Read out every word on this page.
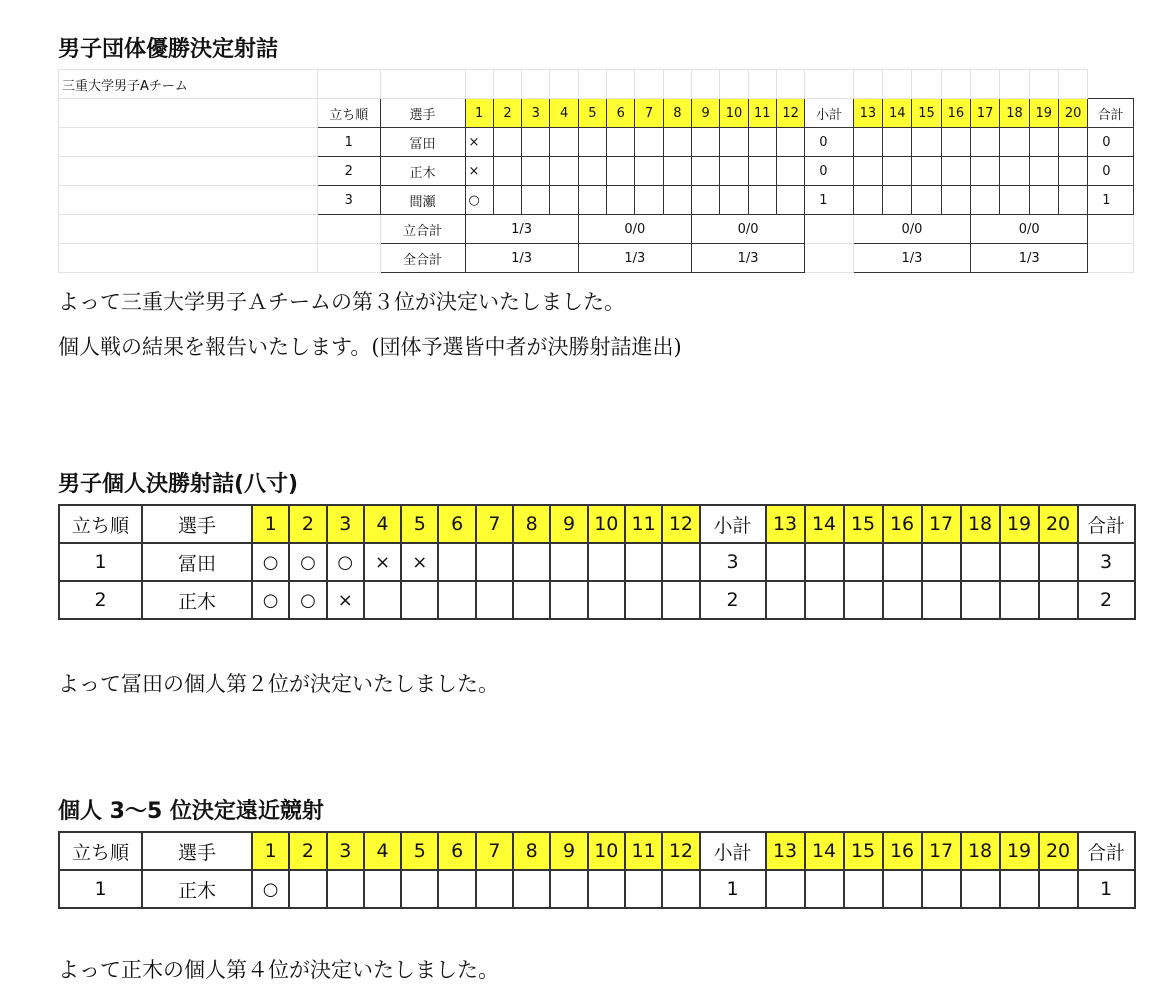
男子団体優勝決定射詰
三重大学男子Aチーム																								
	立ち順	選手	1	2	3	4	5	6	7	8	9	10	11	12	小計	13	14	15	16	17	18	19	20	合計
	1	冨田	×												0									0
	2	正木	×												0									0
	3	間瀬	○												1									1
		立合計	1/3				0/0				0/0					0/0				0/0				
		全合計	1/3				1/3				1/3					1/3				1/3				
よって三重大学男子Ａチームの第３位が決定いたしました。
個人戦の結果を報告いたします。(団体予選皆中者が決勝射詰進出)
男子個人決勝射詰(八寸)
立ち順	選手	1	2	3	4	5	6	7	8	9	10	11	12	小計	13	14	15	16	17	18	19	20	合計
1	冨田	○	○	○	×	×								3									3
2	正木	○	○	×										2									2
よって冨田の個人第２位が決定いたしました。
個人 3～5 位決定遠近競射
立ち順	選手	1	2	3	4	5	6	7	8	9	10	11	12	小計	13	14	15	16	17	18	19	20	合計
1	正木	○												1									1
よって正木の個人第４位が決定いたしました。
